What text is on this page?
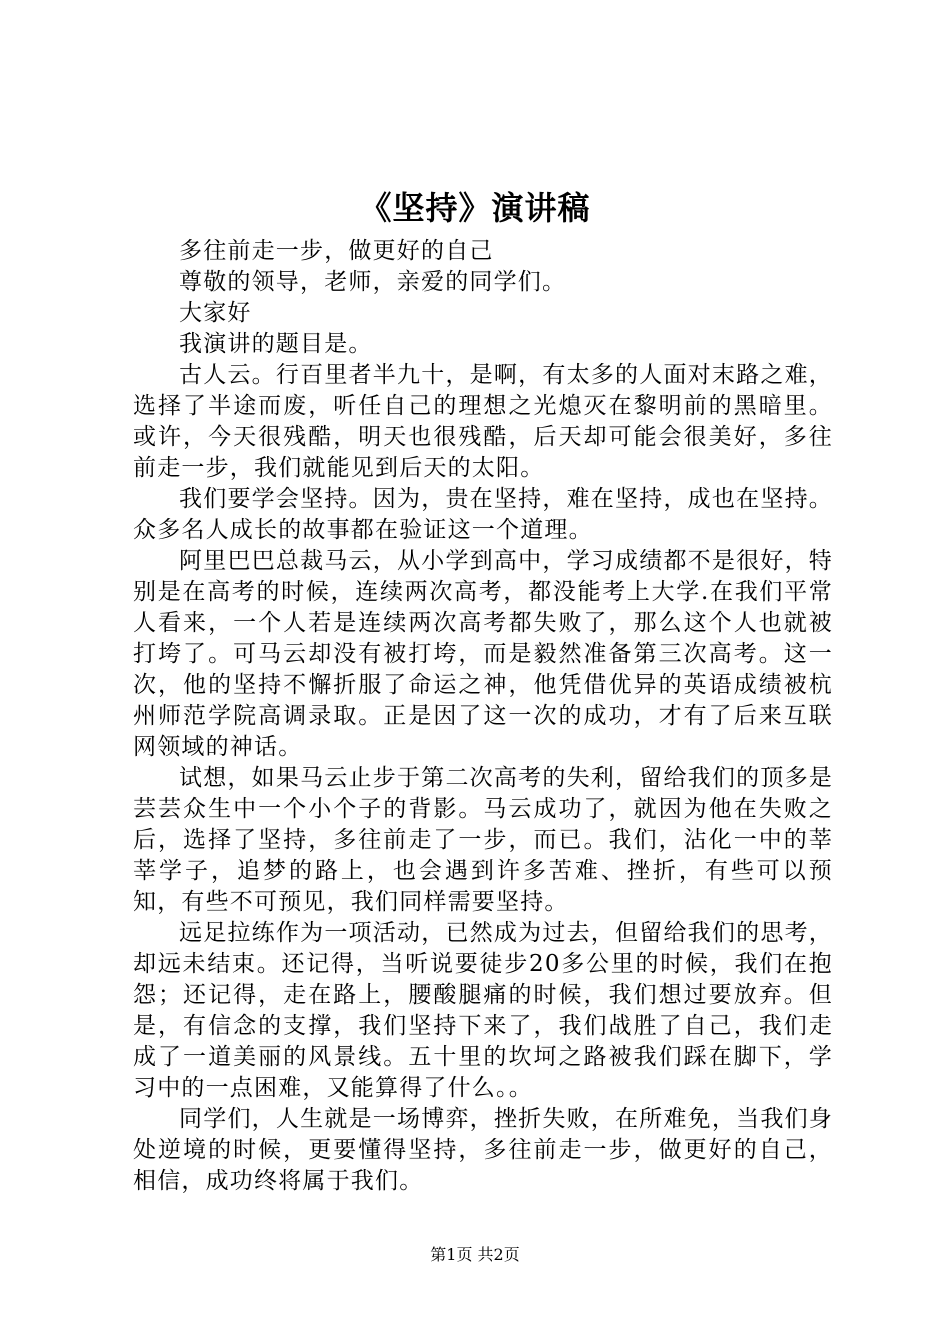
《坚持》演讲稿

多往前走一步，做更好的自己

尊敬的领导，老师，亲爱的同学们。

大家好

我演讲的题目是。

古人云。行百里者半九十，是啊，有太多的人面对末路之难，选择了半途而废，听任自己的理想之光熄灭在黎明前的黑暗里。或许，今天很残酷，明天也很残酷，后天却可能会很美好，多往前走一步，我们就能见到后天的太阳。

我们要学会坚持。因为，贵在坚持，难在坚持，成也在坚持。众多名人成长的故事都在验证这一个道理。

阿里巴巴总裁马云，从小学到高中，学习成绩都不是很好，特别是在高考的时候，连续两次高考，都没能考上大学.在我们平常人看来，一个人若是连续两次高考都失败了，那么这个人也就被打垮了。可马云却没有被打垮，而是毅然准备第三次高考。这一次，他的坚持不懈折服了命运之神，他凭借优异的英语成绩被杭州师范学院高调录取。正是因了这一次的成功，才有了后来互联网领域的神话。

试想，如果马云止步于第二次高考的失利，留给我们的顶多是芸芸众生中一个小个子的背影。马云成功了，就因为他在失败之后，选择了坚持，多往前走了一步，而已。我们，沾化一中的莘莘学子，追梦的路上，也会遇到许多苦难、挫折，有些可以预知，有些不可预见，我们同样需要坚持。

远足拉练作为一项活动，已然成为过去，但留给我们的思考，却远未结束。还记得，当听说要徒步20多公里的时候，我们在抱怨；还记得，走在路上，腰酸腿痛的时候，我们想过要放弃。但是，有信念的支撑，我们坚持下来了，我们战胜了自己，我们走成了一道美丽的风景线。五十里的坎坷之路被我们踩在脚下，学习中的一点困难，又能算得了什么。。

同学们，人生就是一场博弈，挫折失败，在所难免，当我们身处逆境的时候，更要懂得坚持，多往前走一步，做更好的自己，相信，成功终将属于我们。

第1页 共2页
